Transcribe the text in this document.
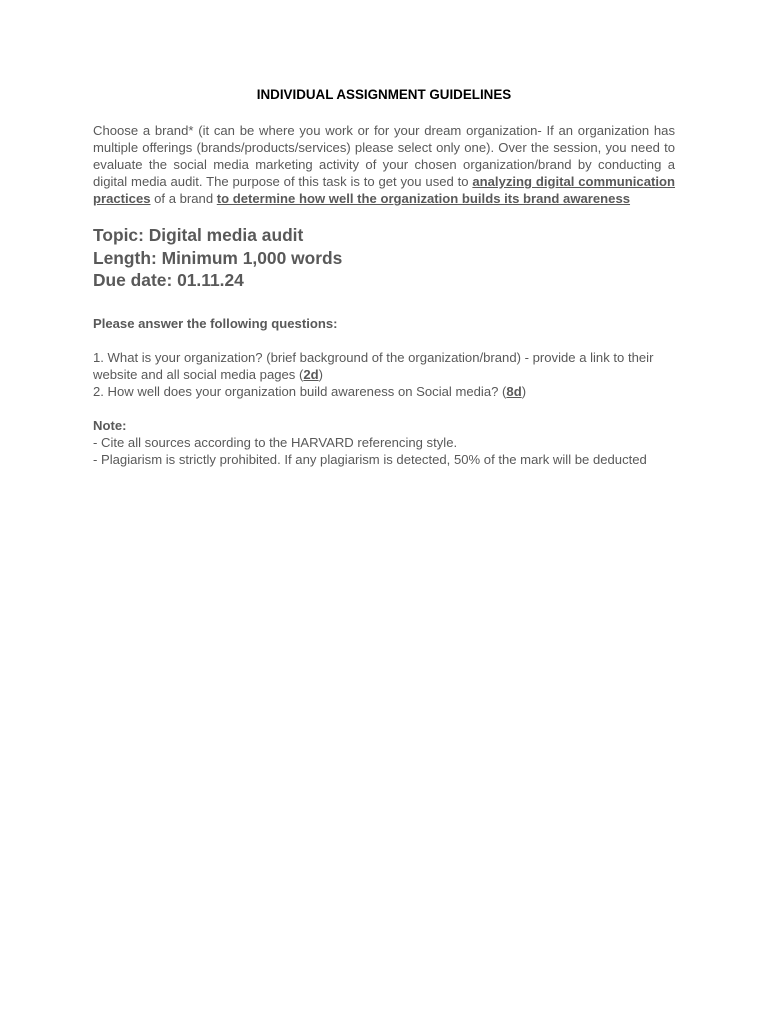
INDIVIDUAL ASSIGNMENT GUIDELINES

Choose a brand* (it can be where you work or for your dream organization- If an organization has multiple offerings (brands/products/services) please select only one). Over the session, you need to evaluate the social media marketing activity of your chosen organization/brand by conducting a digital media audit. The purpose of this task is to get you used to analyzing digital communication practices of a brand to determine how well the organization builds its brand awareness

Topic: Digital media audit
Length: Minimum 1,000 words
Due date: 01.11.24

Please answer the following questions:

1. What is your organization? (brief background of the organization/brand) - provide a link to their website and all social media pages (2d)

2. How well does your organization build awareness on Social media? (8d)

Note:

- Cite all sources according to the HARVARD referencing style.

- Plagiarism is strictly prohibited. If any plagiarism is detected, 50% of the mark will be deducted
